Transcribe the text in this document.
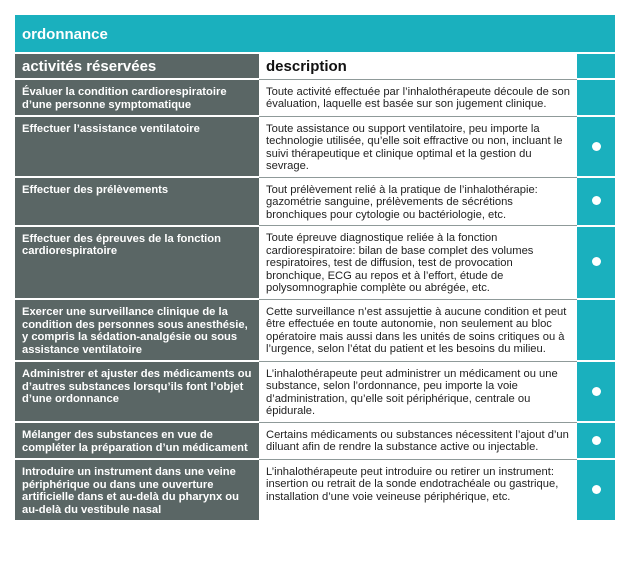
ordonnance
activités réservées	description	
Évaluer la condition cardiorespiratoire d’une personne symptomatique	Toute activité effectuée par l’inhalothérapeute découle de son évaluation, laquelle est basée sur son jugement clinique.	
Effectuer l’assistance ventilatoire	Toute assistance ou support ventilatoire, peu importe la technologie utilisée, qu’elle soit effractive ou non, incluant le suivi thérapeutique et clinique optimal et la gestion du sevrage.	
Effectuer des prélèvements	Tout prélèvement relié à la pratique de l’inhalothérapie: gazométrie sanguine, prélèvements de sécrétions bronchiques pour cytologie ou bactériologie, etc.	
Effectuer des épreuves de la fonction cardiorespiratoire	Toute épreuve diagnostique reliée à la fonction cardiorespiratoire: bilan de base complet des volumes respiratoires, test de diffusion, test de provocation bronchique, ECG au repos et à l’effort, étude de polysomnographie complète ou abrégée, etc.	
Exercer une surveillance clinique de la condition des personnes sous anesthésie, y compris la sédation-analgésie ou sous assistance ventilatoire	Cette surveillance n’est assujettie à aucune condition et peut être effectuée en toute autonomie, non seulement au bloc opératoire mais aussi dans les unités de soins critiques ou à l’urgence, selon l’état du patient et les besoins du milieu.	
Administrer et ajuster des médicaments ou d’autres substances lorsqu’ils font l’objet d’une ordonnance	L’inhalothérapeute peut administrer un médicament ou une substance, selon l’ordonnance, peu importe la voie d’administration, qu’elle soit périphérique, centrale ou épidurale.	
Mélanger des substances en vue de compléter la préparation d’un médicament	Certains médicaments ou substances nécessitent l’ajout d’un diluant afin de rendre la substance active ou injectable.	
Introduire un instrument dans une veine périphérique ou dans une ouverture artificielle dans et au-delà du pharynx ou au-delà du vestibule nasal	L’inhalothérapeute peut introduire ou retirer un instrument: insertion ou retrait de la sonde endotrachéale ou gastrique, installation d’une voie veineuse périphérique, etc.	
